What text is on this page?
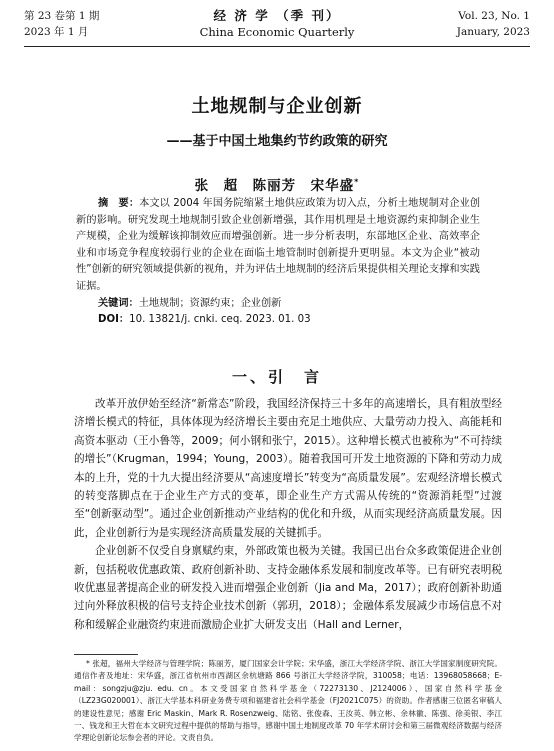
第 23 卷第 1 期
2023 年 1 月
经 济 学 （季 刊）
China Economic Quarterly
Vol. 23, No. 1
January, 2023
土地规制与企业创新
——基于中国土地集约节约政策的研究
张　超　陈丽芳　宋华盛*

摘　要：本文以 2004 年国务院缩紧土地供应政策为切入点，分析土地规制对企业创新的影响。研究发现土地规制引致企业创新增强，其作用机理是土地资源约束抑制企业生产规模，企业为缓解该抑制效应而增强创新。进一步分析表明，东部地区企业、高效率企业和市场竞争程度较弱行业的企业在面临土地管制时创新提升更明显。本文为企业“被动性”创新的研究领域提供新的视角，并为评估土地规制的经济后果提供相关理论支撑和实践证据。

关键词：土地规制；资源约束；企业创新

DOI：10. 13821/j. cnki. ceq. 2023. 01. 03

一、引　言

改革开放伊始至经济“新常态”阶段，我国经济保持三十多年的高速增长，具有粗放型经济增长模式的特征，具体体现为经济增长主要由充足土地供应、大量劳动力投入、高能耗和高资本驱动（王小鲁等，2009；何小钢和张宁，2015）。这种增长模式也被称为“不可持续的增长”（Krugman，1994；Young，2003）。随着我国可开发土地资源的下降和劳动力成本的上升，党的十九大提出经济要从“高速度增长”转变为“高质量发展”。宏观经济增长模式的转变落脚点在于企业生产方式的变革，即企业生产方式需从传统的“资源消耗型”过渡至“创新驱动型”。通过企业创新推动产业结构的优化和升级，从而实现经济高质量发展。因此，企业创新行为是实现经济高质量发展的关键抓手。

企业创新不仅受自身禀赋约束，外部政策也极为关键。我国已出台众多政策促进企业创新，包括税收优惠政策、政府创新补助、支持金融体系发展和制度改革等。已有研究表明税收优惠显著提高企业的研发投入进而增强企业创新（Jia and Ma，2017）；政府创新补助通过向外释放积极的信号支持企业技术创新（郭玥，2018）；金融体系发展减少市场信息不对称和缓解企业融资约束进而激励企业扩大研发支出（Hall and Lerner，

* 张超，福州大学经济与管理学院；陈丽芳，厦门国家会计学院；宋华盛，浙江大学经济学院、浙江大学国家制度研究院。通信作者及地址：宋华盛，浙江省杭州市西湖区余杭塘路 866 号浙江大学经济学院，310058；电话：13968058668；E-mail：songzju@zju. edu. cn。本文受国家自然科学基金（72273130、J2124006）、国家自然科学基金（LZ23G020001）、浙江大学基本科研业务费专项和福建省社会科学基金（FJ2021C075）的资助。作者感谢三位匿名审稿人的建设性意见；感谢 Eric Maskin、Mark R. Rosenzweig、陆铭、张俊森、王汝英、韩立彬、余林徽、陈强、徐美银、李江一、钱龙和王大哲在本文研究过程中提供的帮助与指导，感谢中国土地制度改革 70 年学术研讨会和第三届微观经济数据与经济学理论创新论坛参会者的评论。文责自负。
